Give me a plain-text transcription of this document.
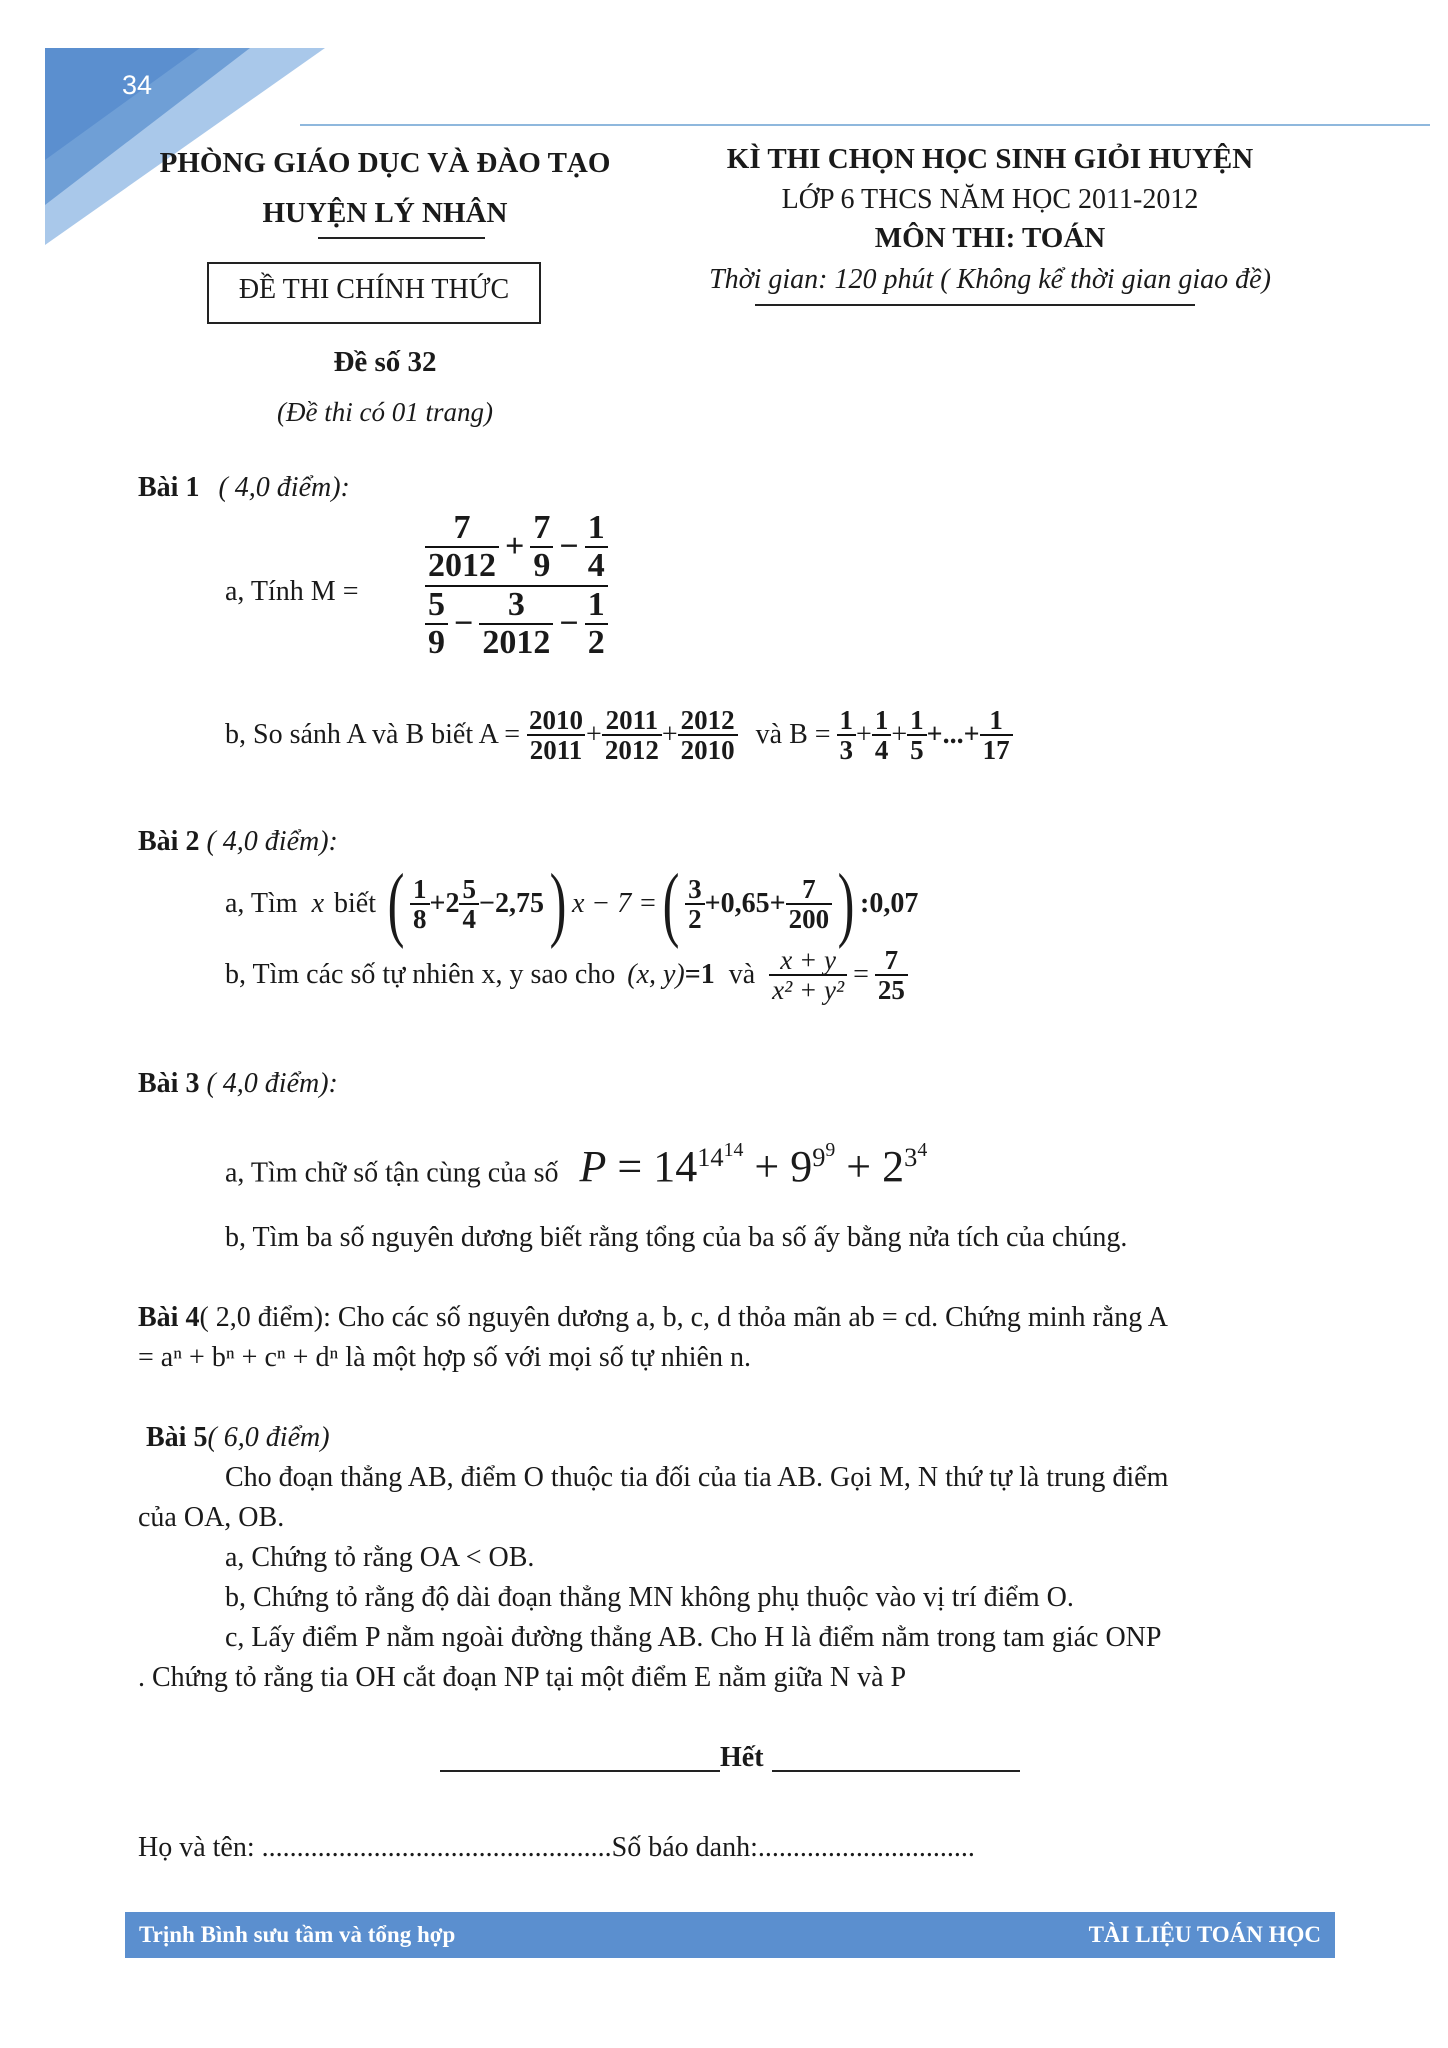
34
PHÒNG GIÁO DỤC VÀ ĐÀO TẠO
HUYỆN LÝ NHÂN
ĐỀ THI CHÍNH THỨC
Đề số 32
(Đề thi có 01 trang)
KÌ THI CHỌN HỌC SINH GIỎI HUYỆN
LỚP 6 THCS NĂM HỌC 2011-2012
MÔN THI: TOÁN
Thời gian: 120 phút ( Không kể thời gian giao đề)
Bài 1 ( 4,0 điểm):
a, Tính M =
$\frac{7}{2012} + \frac{7}{9} - \frac{1}{4}$
$\frac{5}{9} - \frac{3}{2012} - \frac{1}{2}$
b, So sánh A và B biết $A = \frac{2010}{2011} + \frac{2011}{2012} + \frac{2012}{2010}$ và $B = \frac{1}{3} + \frac{1}{4} + \frac{1}{5}$ +...+ $\frac{1}{17}$
Bài 2 ( 4,0 điểm):
a, Tìm x biết ( $\frac{1}{8} +2 \frac{5}{4} -2,75$ ) x − 7 = ( $\frac{3}{2} +0,65+ \frac{7}{200}$ ) :0,07
b, Tìm các số tự nhiên x, y sao cho (x, y) =1 và $\frac{x + y}{\text{x² + y²}} = \frac{7}{25}$
Bài 3 ( 4,0 điểm):
a, Tìm chữ số tận cùng của số $P = 14^{14^{14}} + 9^{9^9} + 2^{3^4}$
b, Tìm ba số nguyên dương biết rằng tổng của ba số ấy bằng nửa tích của chúng.
Bài 4( 2,0 điểm): Cho các số nguyên dương a, b, c, d thỏa mãn ab = cd. Chứng minh rằng A
= aⁿ + bⁿ + cⁿ + dⁿ là một hợp số với mọi số tự nhiên n.
Bài 5( 6,0 điểm)
Cho đoạn thẳng AB, điểm O thuộc tia đối của tia AB. Gọi M, N thứ tự là trung điểm
của OA, OB.
a, Chứng tỏ rằng OA < OB.
b, Chứng tỏ rằng độ dài đoạn thẳng MN không phụ thuộc vào vị trí điểm O.
c, Lấy điểm P nằm ngoài đường thẳng AB. Cho H là điểm nằm trong tam giác ONP
. Chứng tỏ rằng tia OH cắt đoạn NP tại một điểm E nằm giữa N và P
Hết
Họ và tên: ..................................................Số báo danh:...............................
Trịnh Bình sưu tầm và tổng hợp	TÀI LIỆU TOÁN HỌC
